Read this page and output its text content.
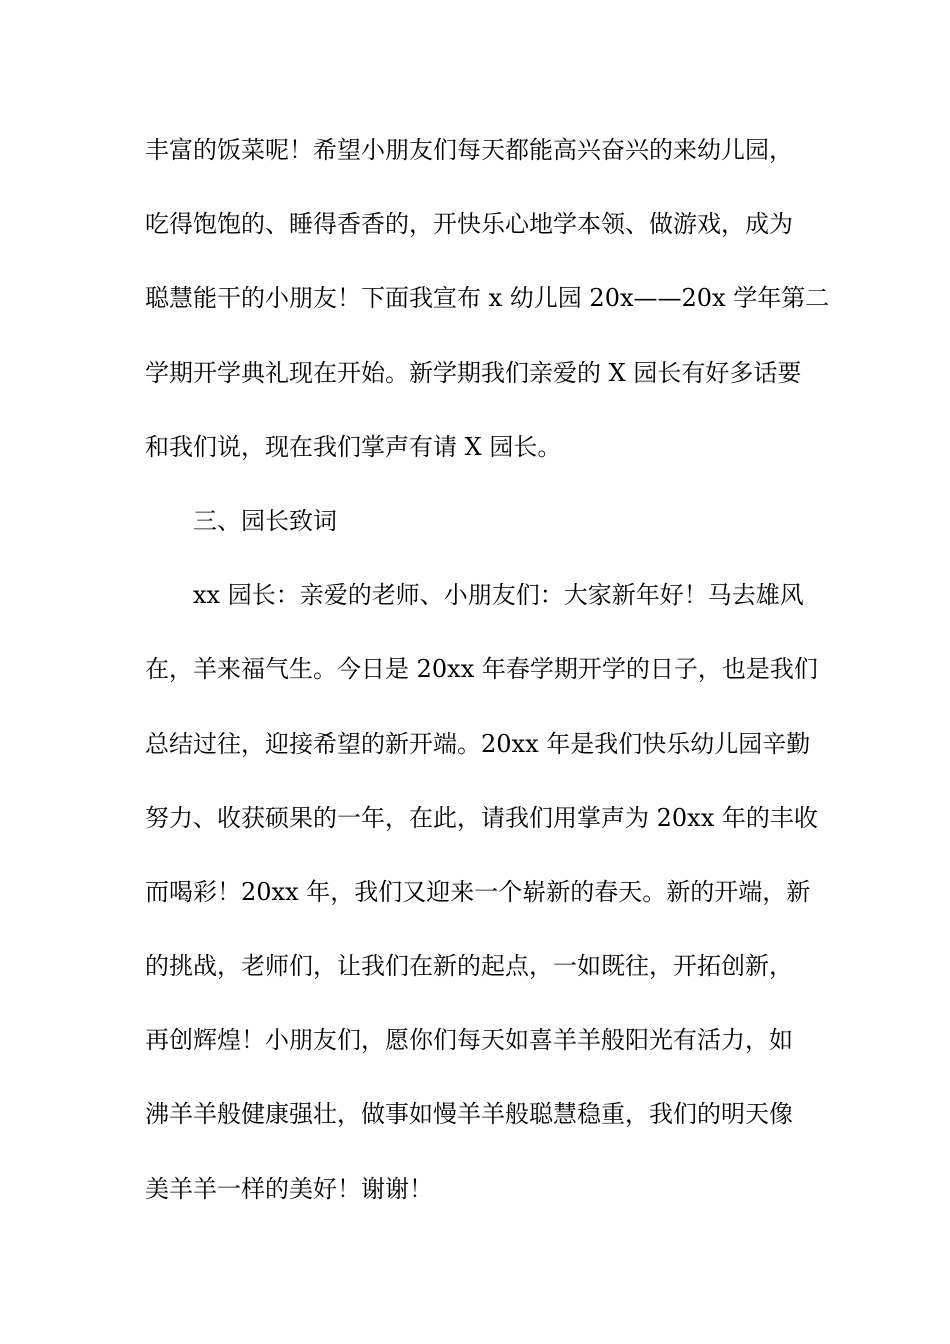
丰富的饭菜呢！希望小朋友们每天都能高兴奋兴的来幼儿园，
吃得饱饱的、睡得香香的，开快乐心地学本领、做游戏，成为
聪慧能干的小朋友！下面我宣布 x 幼儿园 20x——20x 学年第二
学期开学典礼现在开始。新学期我们亲爱的 X 园长有好多话要
和我们说，现在我们掌声有请 X 园长。
三、园长致词
xx 园长：亲爱的老师、小朋友们：大家新年好！马去雄风
在，羊来福气生。今日是 20xx 年春学期开学的日子，也是我们
总结过往，迎接希望的新开端。20xx 年是我们快乐幼儿园辛勤
努力、收获硕果的一年，在此，请我们用掌声为 20xx 年的丰收
而喝彩！20xx 年，我们又迎来一个崭新的春天。新的开端，新
的挑战，老师们，让我们在新的起点，一如既往，开拓创新，
再创辉煌！小朋友们，愿你们每天如喜羊羊般阳光有活力，如
沸羊羊般健康强壮，做事如慢羊羊般聪慧稳重，我们的明天像
美羊羊一样的美好！谢谢！
